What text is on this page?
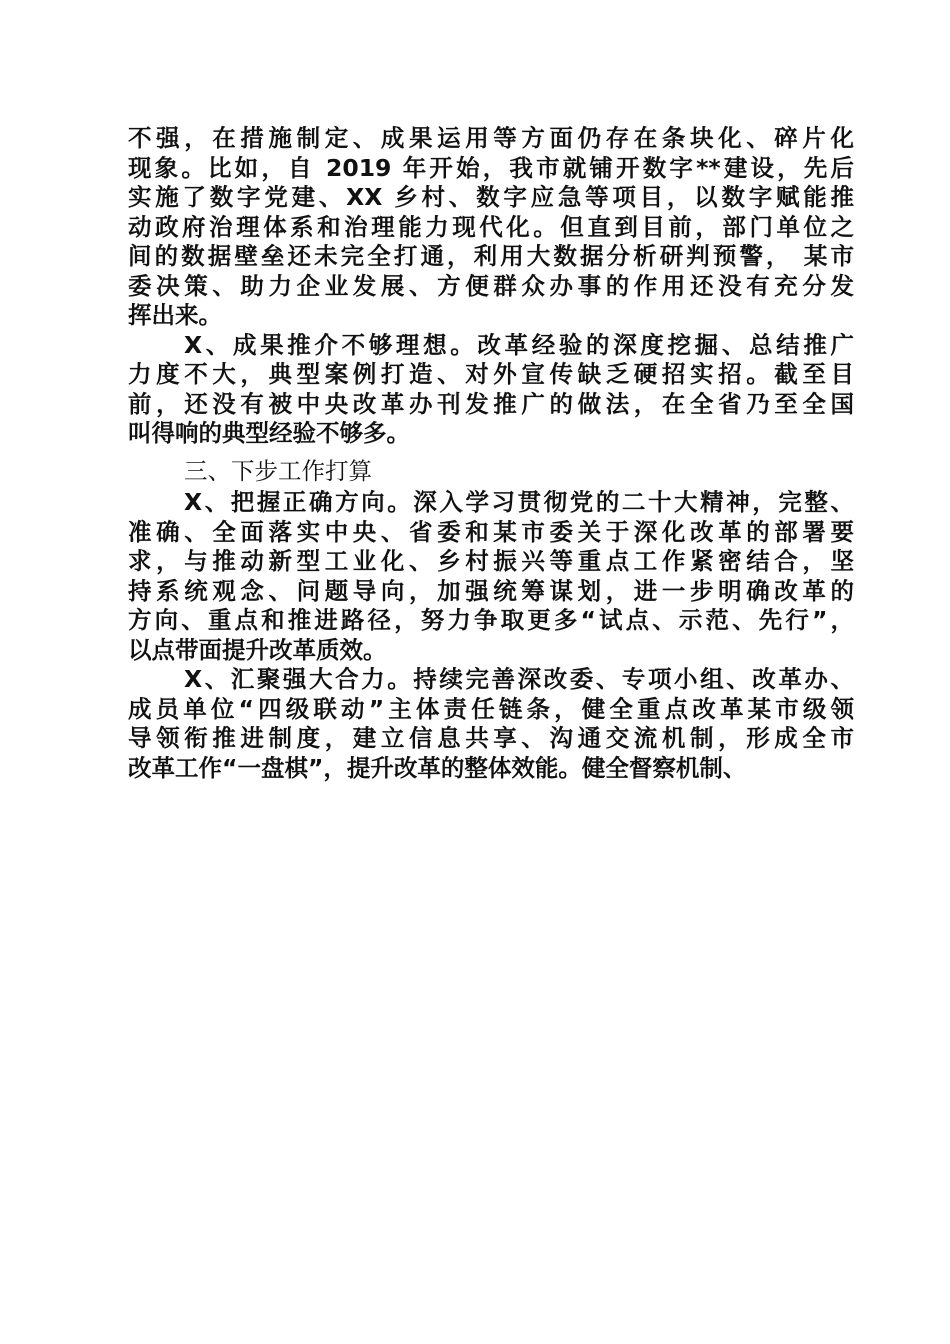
不强，在措施制定、成果运用等方面仍存在条块化、碎片化
现象。比如，自 2019 年开始，我市就铺开数字**建设，先后
实施了数字党建、XX 乡村、数字应急等项目，以数字赋能推
动政府治理体系和治理能力现代化。但直到目前，部门单位之
间的数据壁垒还未完全打通，利用大数据分析研判预警， 某市
委决策、助力企业发展、方便群众办事的作用还没有充分发
挥出来。
X、成果推介不够理想。改革经验的深度挖掘、总结推广
力度不大，典型案例打造、对外宣传缺乏硬招实招。截至目
前，还没有被中央改革办刊发推广的做法，在全省乃至全国
叫得响的典型经验不够多。
三、下步工作打算
X、把握正确方向。深入学习贯彻党的二十大精神，完整、
准确、全面落实中央、省委和某市委关于深化改革的部署要
求，与推动新型工业化、乡村振兴等重点工作紧密结合，坚
持系统观念、问题导向，加强统筹谋划，进一步明确改革的
方向、重点和推进路径，努力争取更多“试点、示范、先行”，
以点带面提升改革质效。
X、汇聚强大合力。持续完善深改委、专项小组、改革办、
成员单位“四级联动”主体责任链条，健全重点改革某市级领
导领衔推进制度，建立信息共享、沟通交流机制，形成全市
改革工作“一盘棋”，提升改革的整体效能。健全督察机制、
